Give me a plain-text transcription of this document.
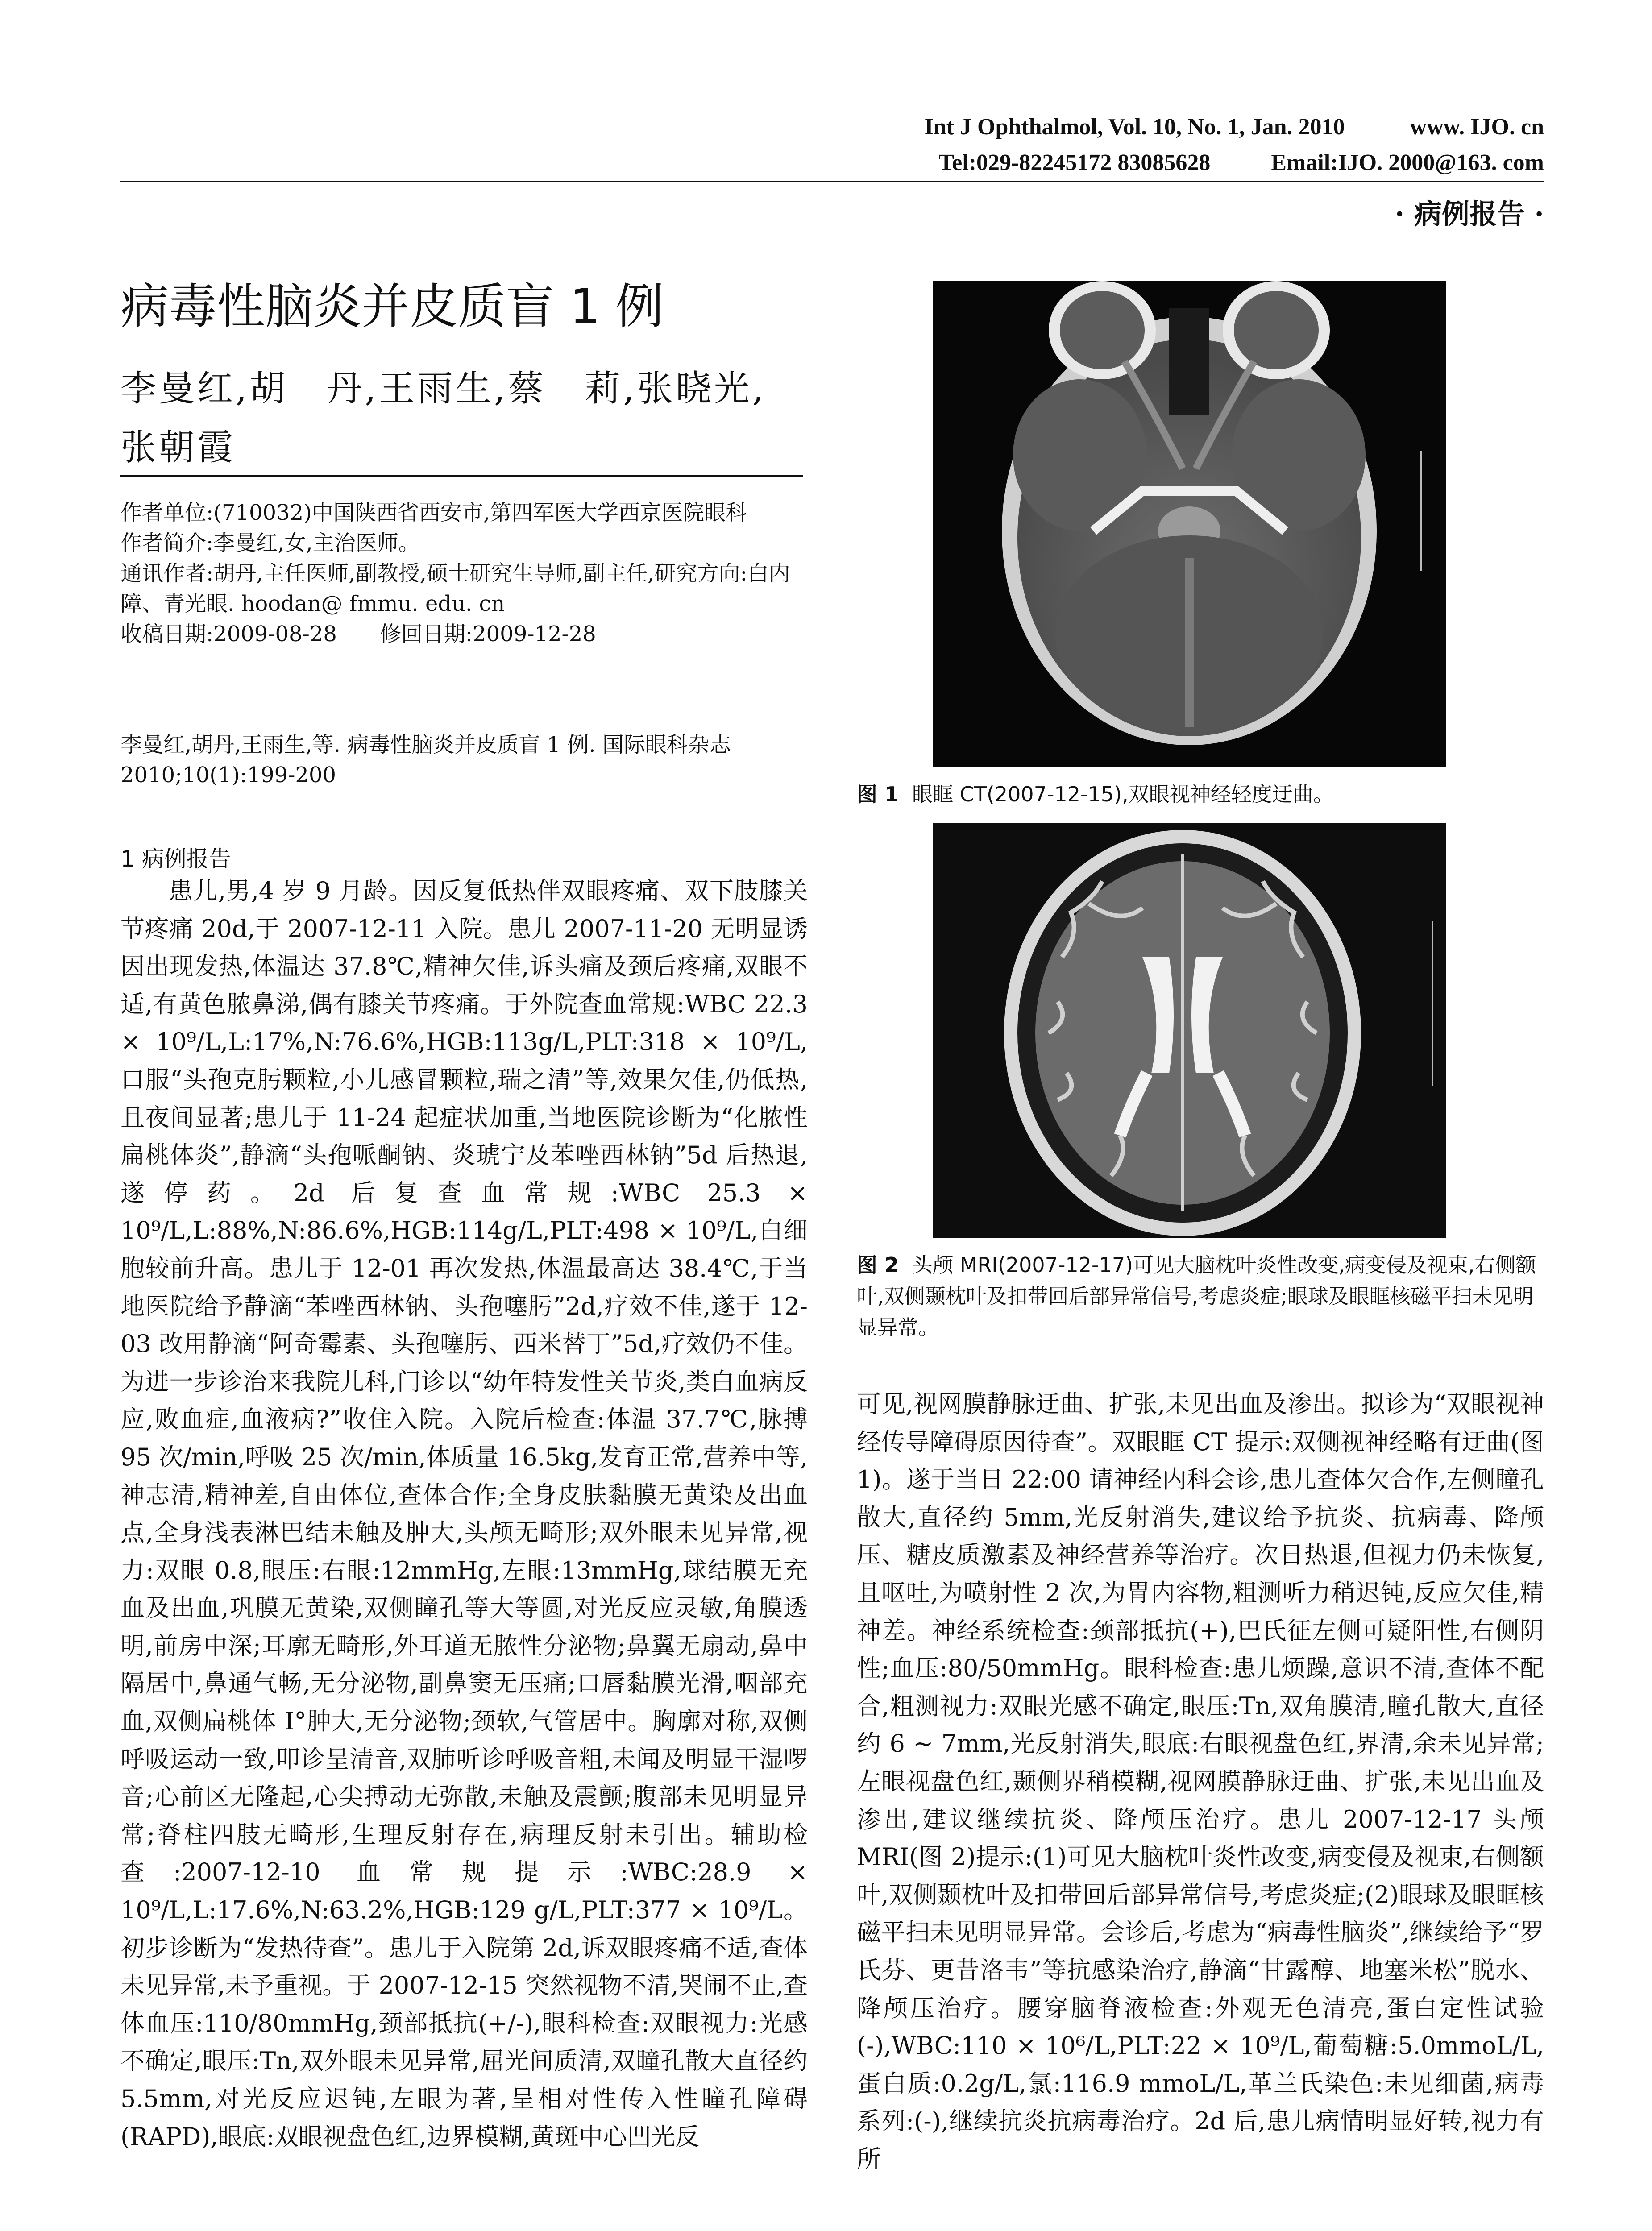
Int J Ophthalmol, Vol. 10, No. 1, Jan. 2010	www. IJO. cn
Tel:029-82245172 83085628	Email:IJO. 2000@163. com
· 病例报告 ·
病毒性脑炎并皮质盲 1 例
李曼红,胡　丹,王雨生,蔡　莉,张晓光,
张朝霞

作者单位:(710032)中国陕西省西安市,第四军医大学西京医院眼科

作者简介:李曼红,女,主治医师。

通讯作者:胡丹,主任医师,副教授,硕士研究生导师,副主任,研究方向:白内障、青光眼. hoodan@ fmmu. edu. cn

收稿日期:2009-08-28　　修回日期:2009-12-28

李曼红,胡丹,王雨生,等. 病毒性脑炎并皮质盲 1 例. 国际眼科杂志 2010;10(1):199-200
1 病例报告
患儿,男,4 岁 9 月龄。因反复低热伴双眼疼痛、双下肢膝关节疼痛 20d,于 2007-12-11 入院。患儿 2007-11-20 无明显诱因出现发热,体温达 37.8℃,精神欠佳,诉头痛及颈后疼痛,双眼不适,有黄色脓鼻涕,偶有膝关节疼痛。于外院查血常规:WBC 22.3 × 10⁹/L,L:17%,N:76.6%,HGB:113g/L,PLT:318 × 10⁹/L,口服“头孢克肟颗粒,小儿感冒颗粒,瑞之清”等,效果欠佳,仍低热,且夜间显著;患儿于 11-24 起症状加重,当地医院诊断为“化脓性扁桃体炎”,静滴“头孢哌酮钠、炎琥宁及苯唑西林钠”5d 后热退,遂停药。2d 后复查血常规:WBC 25.3 × 10⁹/L,L:88%,N:86.6%,HGB:114g/L,PLT:498 × 10⁹/L,白细胞较前升高。患儿于 12-01 再次发热,体温最高达 38.4℃,于当地医院给予静滴“苯唑西林钠、头孢噻肟”2d,疗效不佳,遂于 12-03 改用静滴“阿奇霉素、头孢噻肟、西米替丁”5d,疗效仍不佳。为进一步诊治来我院儿科,门诊以“幼年特发性关节炎,类白血病反应,败血症,血液病?”收住入院。入院后检查:体温 37.7℃,脉搏 95 次/min,呼吸 25 次/min,体质量 16.5kg,发育正常,营养中等,神志清,精神差,自由体位,查体合作;全身皮肤黏膜无黄染及出血点,全身浅表淋巴结未触及肿大,头颅无畸形;双外眼未见异常,视力:双眼 0.8,眼压:右眼:12mmHg,左眼:13mmHg,球结膜无充血及出血,巩膜无黄染,双侧瞳孔等大等圆,对光反应灵敏,角膜透明,前房中深;耳廓无畸形,外耳道无脓性分泌物;鼻翼无扇动,鼻中隔居中,鼻通气畅,无分泌物,副鼻窦无压痛;口唇黏膜光滑,咽部充血,双侧扁桃体 I°肿大,无分泌物;颈软,气管居中。胸廓对称,双侧呼吸运动一致,叩诊呈清音,双肺听诊呼吸音粗,未闻及明显干湿啰音;心前区无隆起,心尖搏动无弥散,未触及震颤;腹部未见明显异常;脊柱四肢无畸形,生理反射存在,病理反射未引出。辅助检查:2007-12-10 血常规提示:WBC:28.9 × 10⁹/L,L:17.6%,N:63.2%,HGB:129 g/L,PLT:377 × 10⁹/L。初步诊断为“发热待查”。患儿于入院第 2d,诉双眼疼痛不适,查体未见异常,未予重视。于 2007-12-15 突然视物不清,哭闹不止,查体血压:110/80mmHg,颈部抵抗(+/-),眼科检查:双眼视力:光感不确定,眼压:Tn,双外眼未见异常,屈光间质清,双瞳孔散大直径约 5.5mm,对光反应迟钝,左眼为著,呈相对性传入性瞳孔障碍(RAPD),眼底:双眼视盘色红,边界模糊,黄斑中心凹光反
图 1 眼眶 CT(2007-12-15),双眼视神经轻度迂曲。
图 2 头颅 MRI(2007-12-17)可见大脑枕叶炎性改变,病变侵及视束,右侧额叶,双侧颞枕叶及扣带回后部异常信号,考虑炎症;眼球及眼眶核磁平扫未见明显异常。
可见,视网膜静脉迂曲、扩张,未见出血及渗出。拟诊为“双眼视神经传导障碍原因待查”。双眼眶 CT 提示:双侧视神经略有迂曲(图 1)。遂于当日 22:00 请神经内科会诊,患儿查体欠合作,左侧瞳孔散大,直径约 5mm,光反射消失,建议给予抗炎、抗病毒、降颅压、糖皮质激素及神经营养等治疗。次日热退,但视力仍未恢复,且呕吐,为喷射性 2 次,为胃内容物,粗测听力稍迟钝,反应欠佳,精神差。神经系统检查:颈部抵抗(+),巴氏征左侧可疑阳性,右侧阴性;血压:80/50mmHg。眼科检查:患儿烦躁,意识不清,查体不配合,粗测视力:双眼光感不确定,眼压:Tn,双角膜清,瞳孔散大,直径约 6 ~ 7mm,光反射消失,眼底:右眼视盘色红,界清,余未见异常;左眼视盘色红,颞侧界稍模糊,视网膜静脉迂曲、扩张,未见出血及渗出,建议继续抗炎、降颅压治疗。患儿 2007-12-17 头颅 MRI(图 2)提示:(1)可见大脑枕叶炎性改变,病变侵及视束,右侧额叶,双侧颞枕叶及扣带回后部异常信号,考虑炎症;(2)眼球及眼眶核磁平扫未见明显异常。会诊后,考虑为“病毒性脑炎”,继续给予“罗氏芬、更昔洛韦”等抗感染治疗,静滴“甘露醇、地塞米松”脱水、降颅压治疗。腰穿脑脊液检查:外观无色清亮,蛋白定性试验(-),WBC:110 × 10⁶/L,PLT:22 × 10⁹/L,葡萄糖:5.0mmoL/L,蛋白质:0.2g/L,氯:116.9 mmoL/L,革兰氏染色:未见细菌,病毒系列:(-),继续抗炎抗病毒治疗。2d 后,患儿病情明显好转,视力有所
